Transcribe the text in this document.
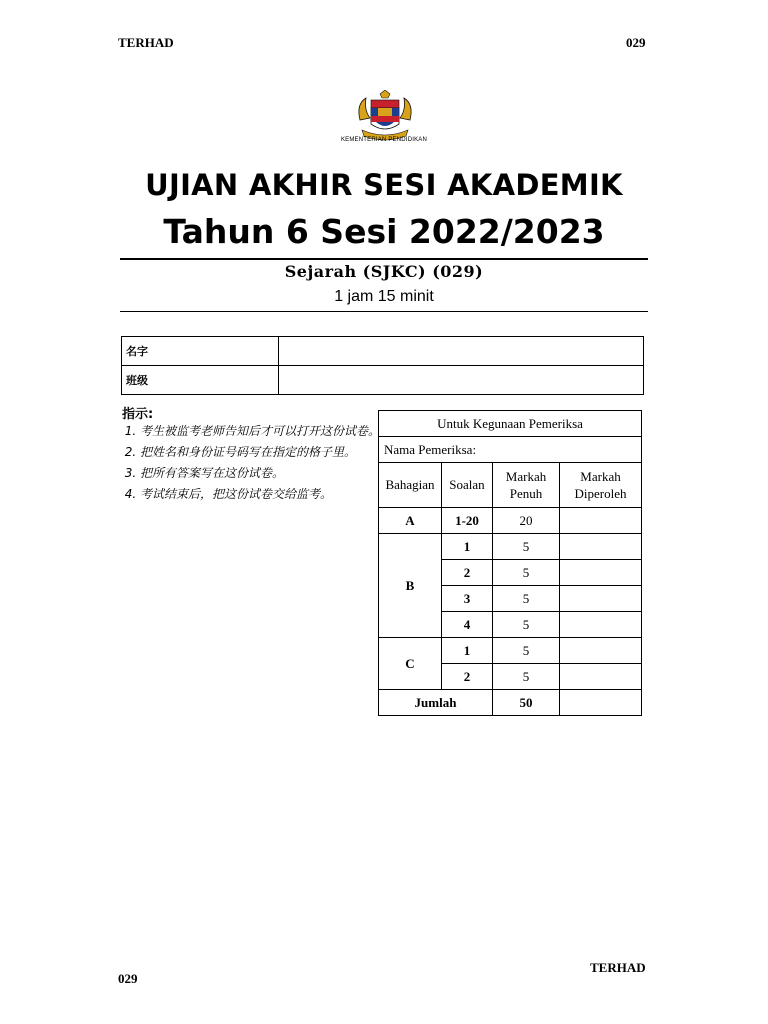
TERHAD	029
KEMENTERIAN PENDIDIKAN
UJIAN AKHIR SESI AKADEMIK
Tahun 6 Sesi 2022/2023
Sejarah (SJKC) (029)
1 jam 15 minit
名字	
班级	
指示:
1. 考生被监考老师告知后才可以打开这份试卷。
2. 把姓名和身份证号码写在指定的格子里。
3. 把所有答案写在这份试卷。
4. 考试结束后，把这份试卷交给监考。
Untuk Kegunaan Pemeriksa			
Nama Pemeriksa:			
Bahagian	Soalan	Markah Penuh	Markah Diperoleh
A	1-20	20	
B	1	5	
	2	5	
	3	5	
	4	5	
C	1	5	
	2	5	
Jumlah		50	
029
TERHAD
